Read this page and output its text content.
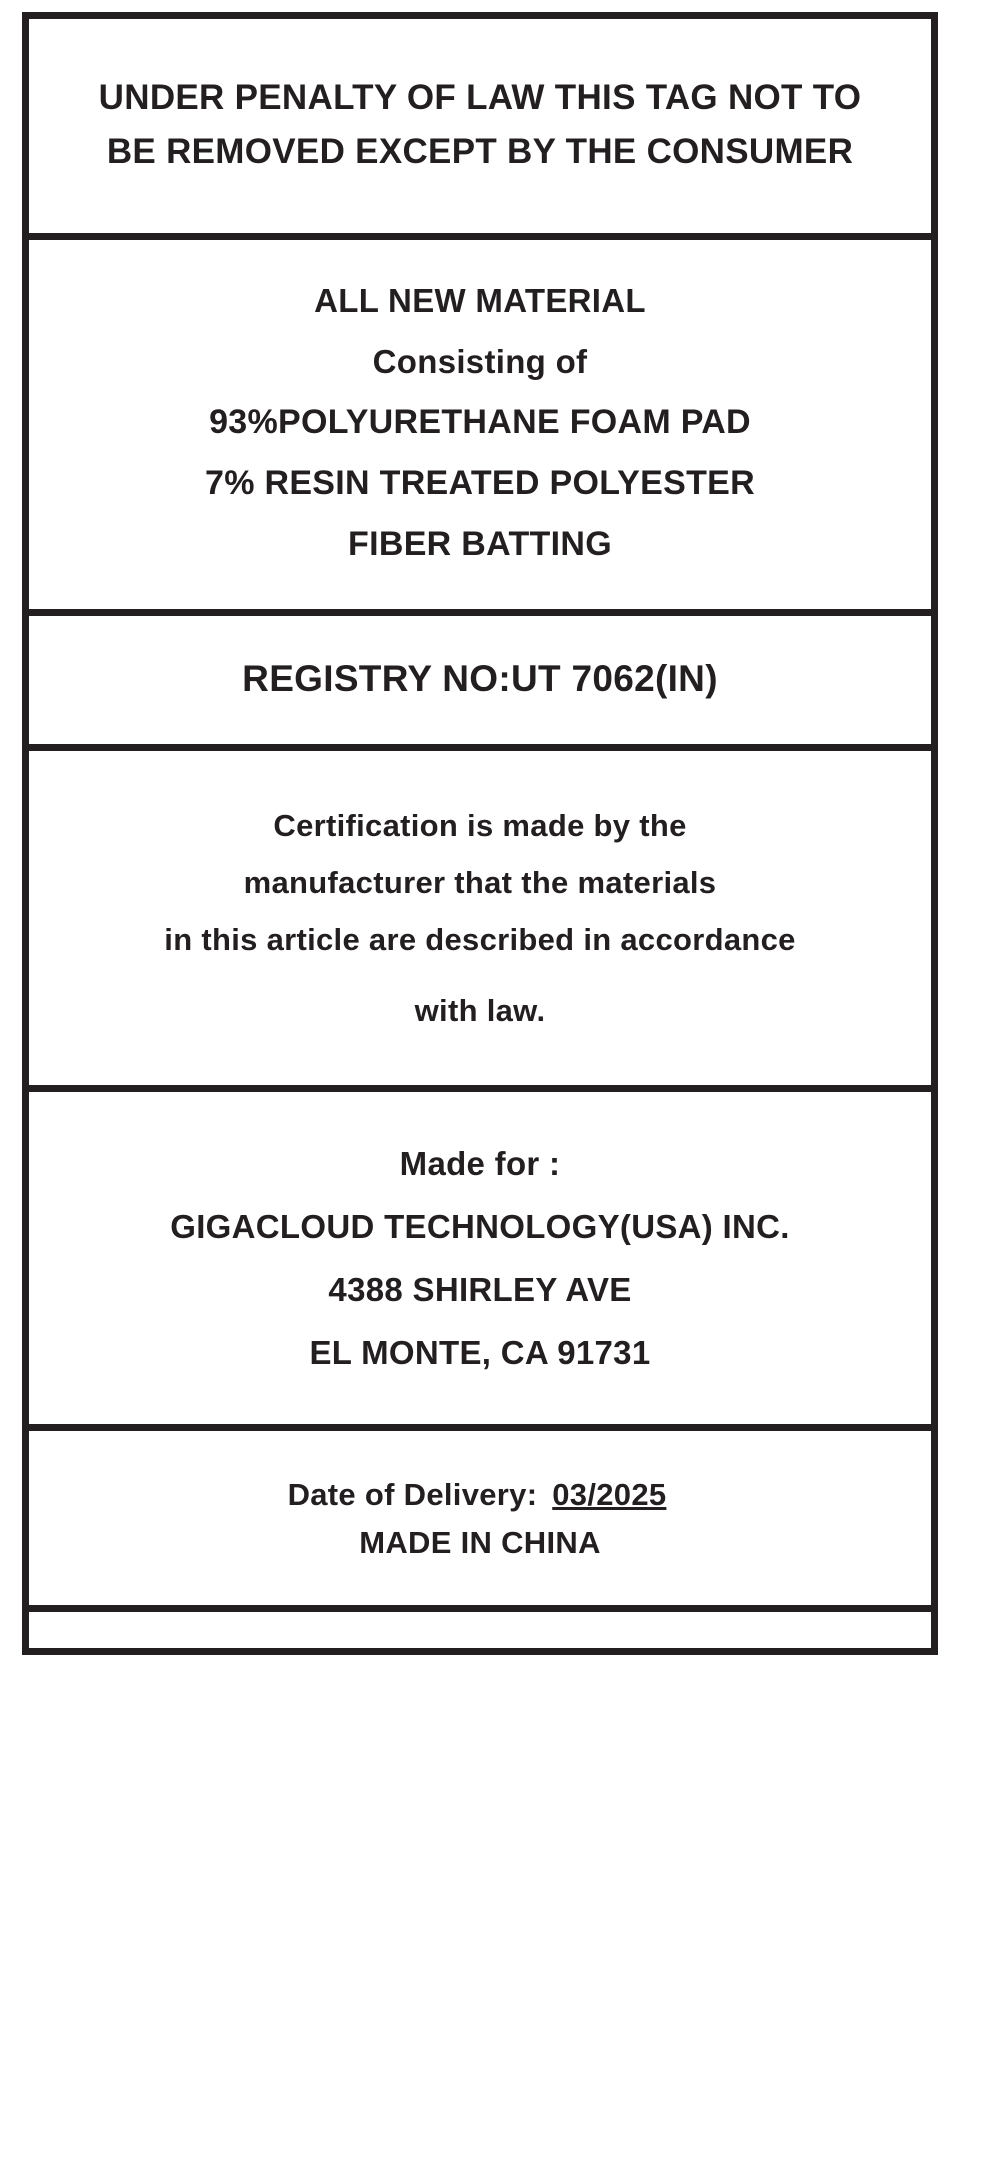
UNDER PENALTY OF LAW THIS TAG NOT TO
BE REMOVED EXCEPT BY THE CONSUMER
ALL NEW MATERIAL
Consisting of
93%POLYURETHANE FOAM PAD
7% RESIN TREATED POLYESTER
FIBER BATTING
REGISTRY NO:UT 7062(IN)
Certification is made by the
manufacturer that the materials
in this article are described in accordance
with law.
Made for :
GIGACLOUD TECHNOLOGY(USA) INC.
4388 SHIRLEY AVE
EL MONTE, CA 91731
Date of Delivery: 03/2025
MADE IN CHINA
